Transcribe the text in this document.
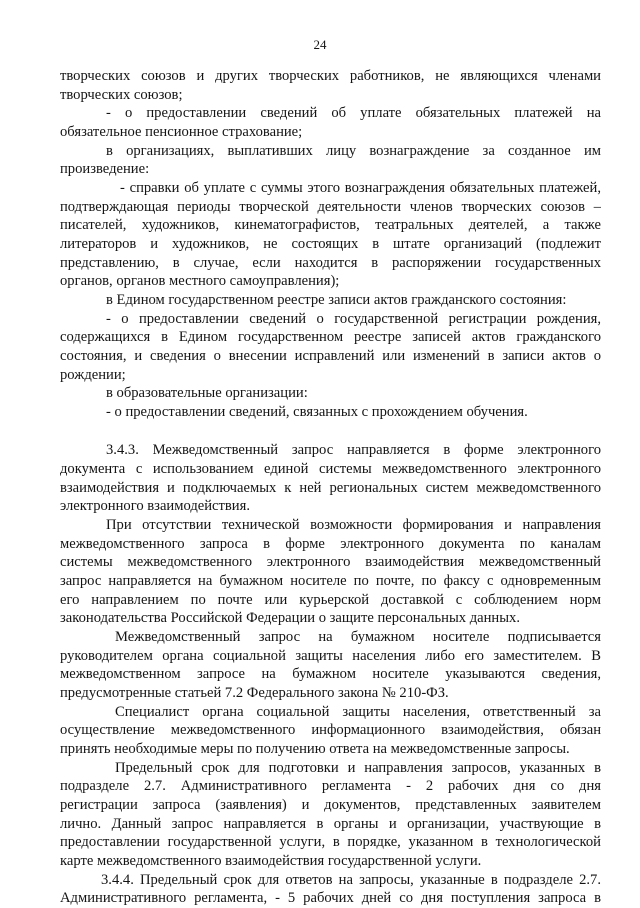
24
творческих союзов и других творческих работников, не являющихся членами
творческих союзов;
- о предоставлении сведений об уплате обязательных платежей на
обязательное пенсионное страхование;
в организациях, выплативших лицу вознаграждение за созданное им
произведение:
- справки об уплате с суммы этого вознаграждения обязательных платежей,
подтверждающая периоды творческой деятельности членов творческих союзов –
писателей, художников, кинематографистов, театральных деятелей, а также
литераторов и художников, не состоящих в штате организаций (подлежит
представлению, в случае, если находится в распоряжении государственных
органов, органов местного самоуправления);
в Едином государственном реестре записи актов гражданского состояния:
- о предоставлении сведений о государственной регистрации рождения,
содержащихся в Едином государственном реестре записей актов гражданского
состояния, и сведения о внесении исправлений или изменений в записи актов о
рождении;
в образовательные организации:
- о предоставлении сведений, связанных с прохождением обучения.
3.4.3. Межведомственный запрос направляется в форме электронного
документа с использованием единой системы межведомственного электронного
взаимодействия и подключаемых к ней региональных систем межведомственного
электронного взаимодействия.
При отсутствии технической возможности формирования и направления
межведомственного запроса в форме электронного документа по каналам
системы межведомственного электронного взаимодействия межведомственный
запрос направляется на бумажном носителе по почте, по факсу с одновременным
его направлением по почте или курьерской доставкой с соблюдением норм
законодательства Российской Федерации о защите персональных данных.
Межведомственный запрос на бумажном носителе подписывается
руководителем органа социальной защиты населения либо его заместителем. В
межведомственном запросе на бумажном носителе указываются сведения,
предусмотренные статьей 7.2 Федерального закона № 210-ФЗ.
Специалист органа социальной защиты населения, ответственный за
осуществление межведомственного информационного взаимодействия, обязан
принять необходимые меры по получению ответа на межведомственные запросы.
Предельный срок для подготовки и направления запросов, указанных в
подразделе 2.7. Административного регламента - 2 рабочих дня со дня
регистрации запроса (заявления) и документов, представленных заявителем
лично. Данный запрос направляется в органы и организации, участвующие в
предоставлении государственной услуги, в порядке, указанном в технологической
карте межведомственного взаимодействия государственной услуги.
3.4.4. Предельный срок для ответов на запросы, указанные в подразделе 2.7.
Административного регламента, - 5 рабочих дней со дня поступления запроса в
